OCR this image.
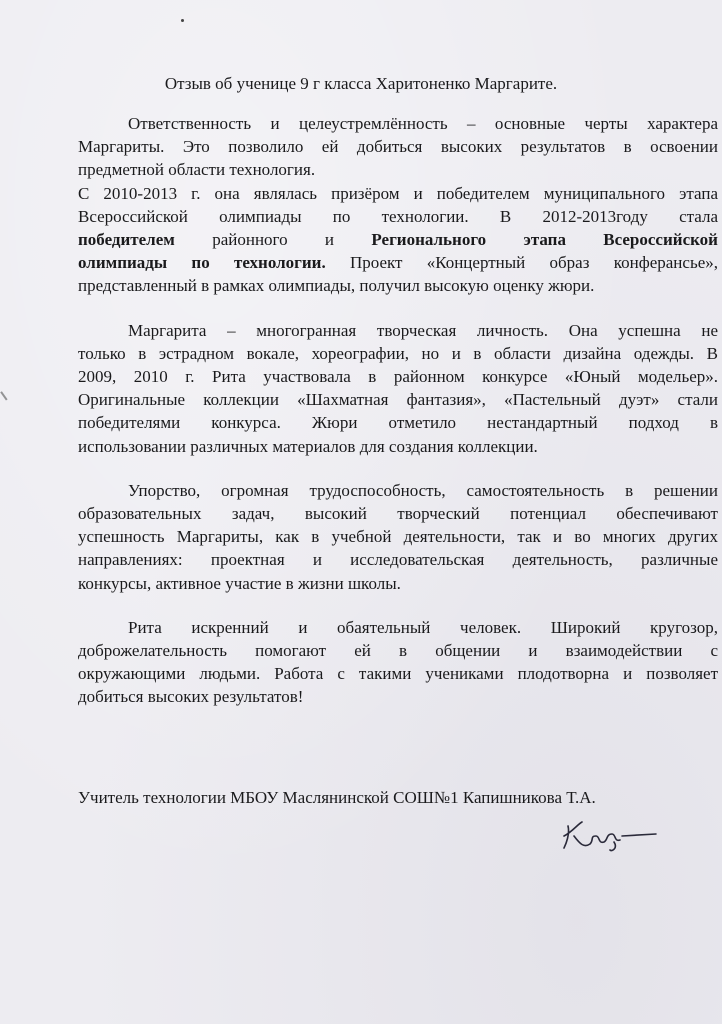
Отзыв об ученице 9 г класса Харитоненко Маргарите.

Ответственность и целеустремлённость – основные черты характера
Маргариты. Это позволило ей добиться высоких результатов в освоении
предметной области технология.

С 2010-2013 г. она являлась призёром и победителем муниципального этапа
Всероссийской олимпиады по технологии. В 2012-2013году стала
победителем районного и Регионального этапа Всероссийской
олимпиады по технологии. Проект «Концертный образ конферансье»,
представленный в рамках олимпиады, получил высокую оценку жюри.

Маргарита – многогранная творческая личность. Она успешна не
только в эстрадном вокале, хореографии, но и в области дизайна одежды. В
2009, 2010 г. Рита участвовала в районном конкурсе «Юный модельер».
Оригинальные коллекции «Шахматная фантазия», «Пастельный дуэт» стали
победителями конкурса. Жюри отметило нестандартный подход в
использовании различных материалов для создания коллекции.

Упорство, огромная трудоспособность, самостоятельность в решении
образовательных задач, высокий творческий потенциал обеспечивают
успешность Маргариты, как в учебной деятельности, так и во многих других
направлениях: проектная и исследовательская деятельность, различные
конкурсы, активное участие в жизни школы.

Рита искренний и обаятельный человек. Широкий кругозор,
доброжелательность помогают ей в общении и взаимодействии с
окружающими людьми. Работа с такими учениками плодотворна и позволяет
добиться высоких результатов!

Учитель технологии МБОУ Маслянинской СОШ№1 Капишникова Т.А.
